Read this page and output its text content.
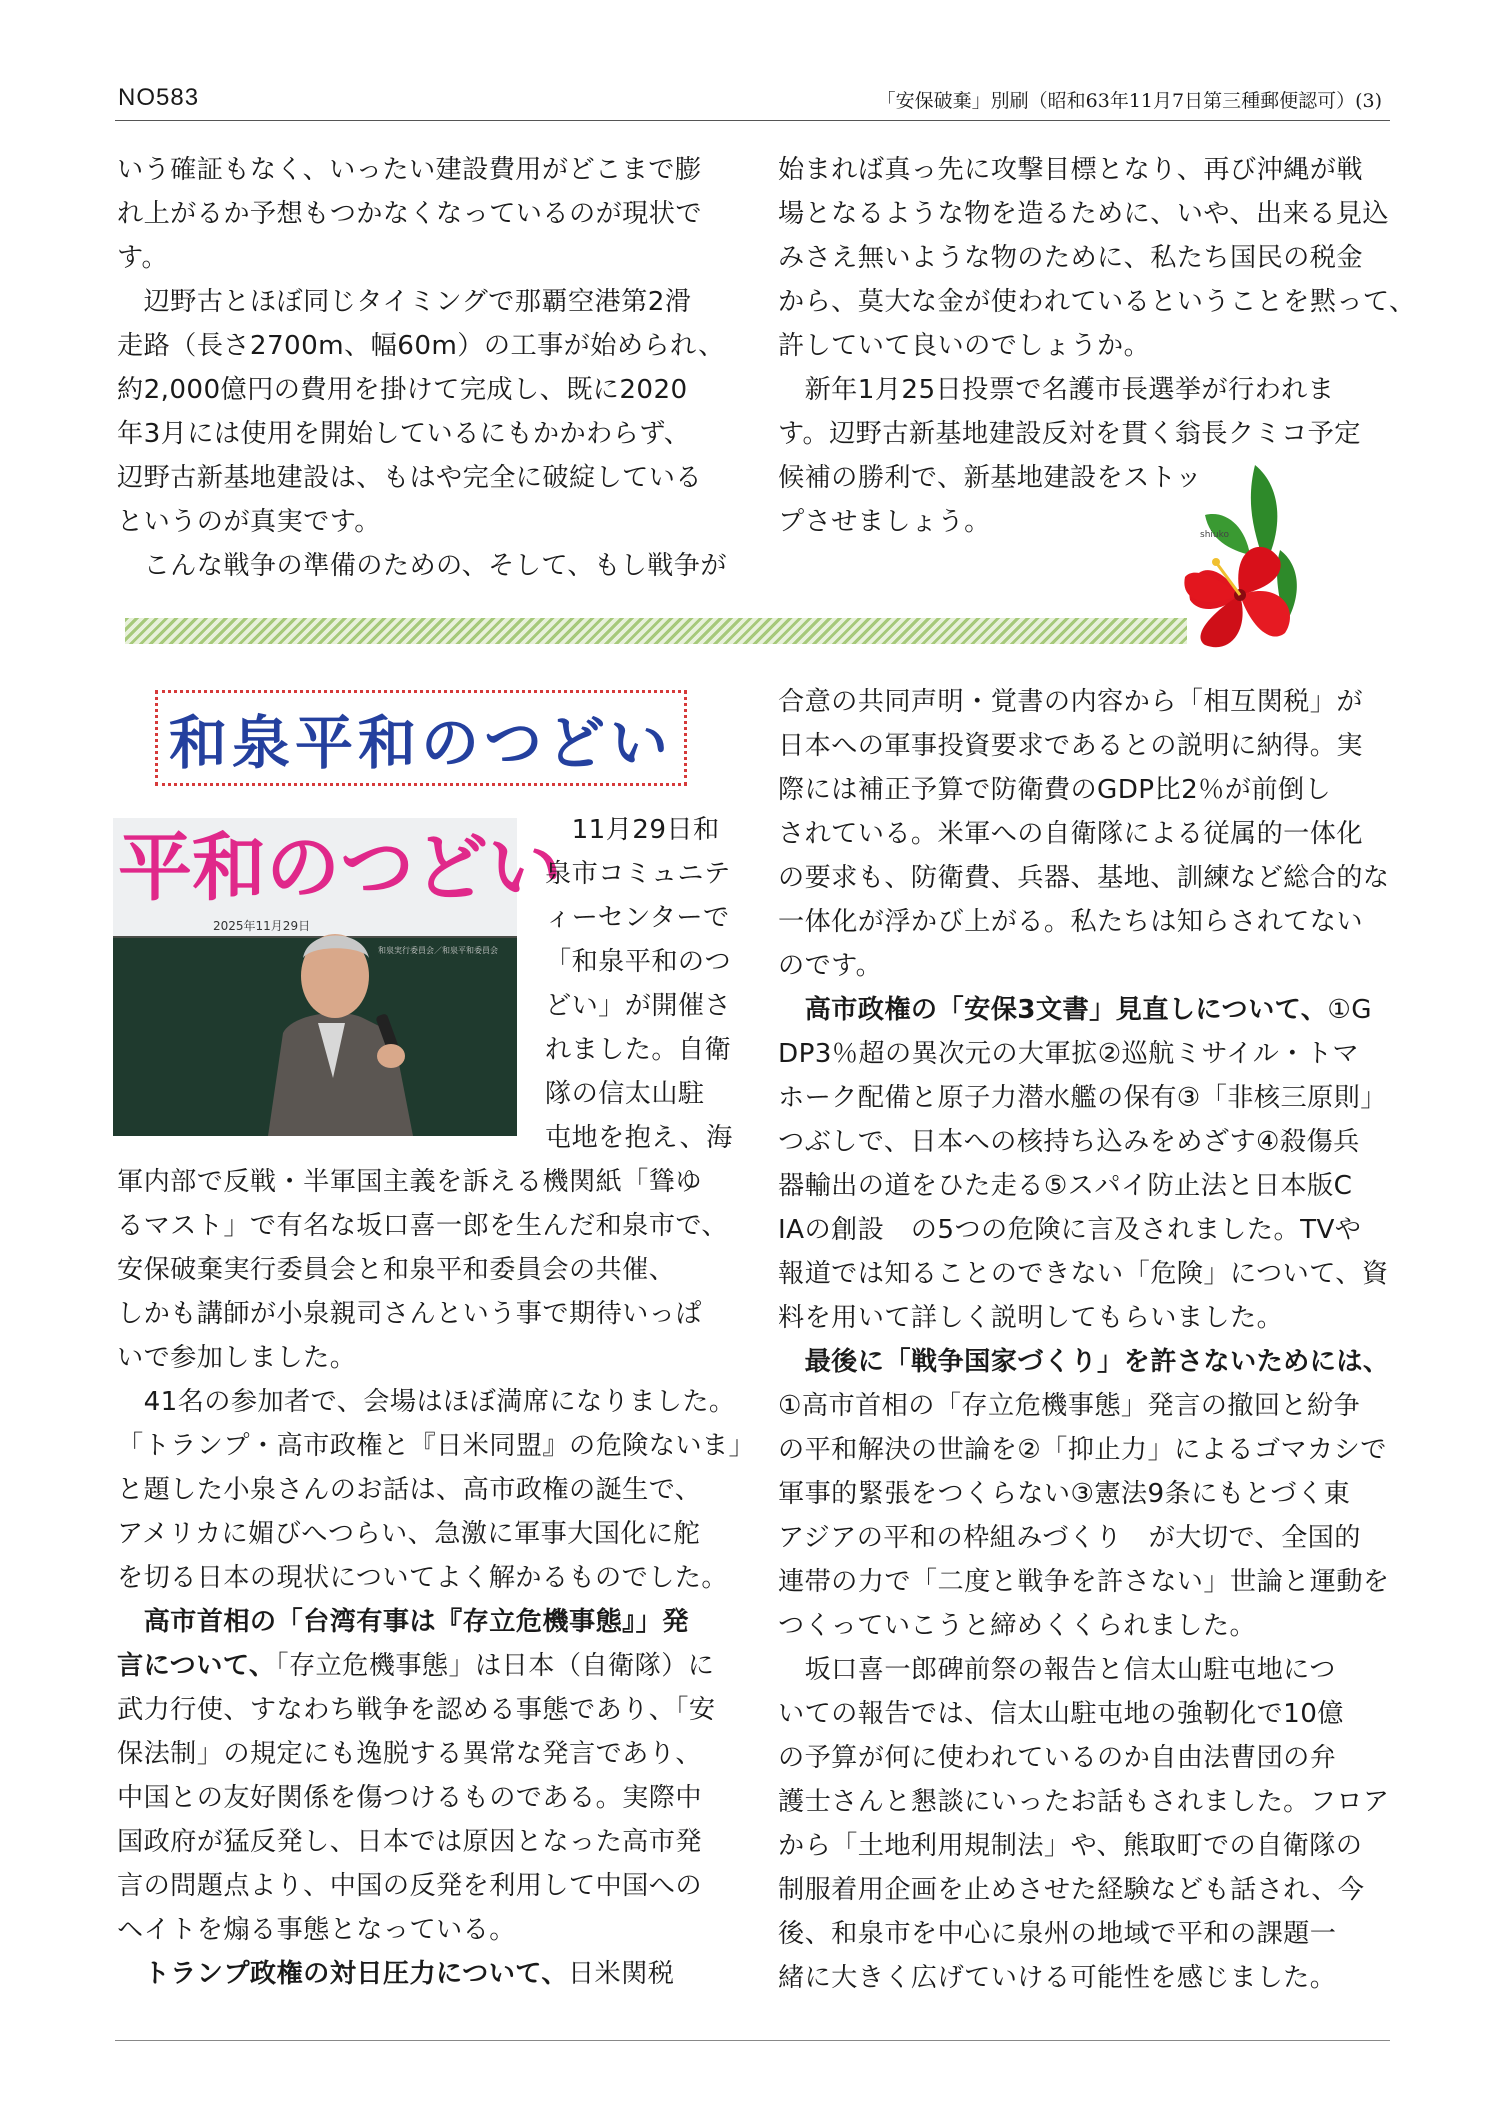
NO583	「安保破棄」別刷（昭和63年11月7日第三種郵便認可）(3)

いう確証もなく、いったい建設費用がどこまで膨

れ上がるか予想もつかなくなっているのが現状で

す。

　辺野古とほぼ同じタイミングで那覇空港第2滑

走路（長さ2700m、幅60m）の工事が始められ、

約2,000億円の費用を掛けて完成し、既に2020

年3月には使用を開始しているにもかかわらず、

辺野古新基地建設は、もはや完全に破綻している

というのが真実です。

　こんな戦争の準備のための、そして、もし戦争が

始まれば真っ先に攻撃目標となり、再び沖縄が戦

場となるような物を造るために、いや、出来る見込

みさえ無いような物のために、私たち国民の税金

から、莫大な金が使われているということを黙って、

許していて良いのでしょうか。

　新年1月25日投票で名護市長選挙が行われま

す。辺野古新基地建設反対を貫く翁長クミコ予定

候補の勝利で、新基地建設をストッ

プさせましょう。	shiuko
和泉平和のつどい
平和のつどい
2025年11月29日
和泉実行委員会／和泉平和委員会

　11月29日和

泉市コミュニテ

ィーセンターで

「和泉平和のつ

どい」が開催さ

れました。自衛

隊の信太山駐

屯地を抱え、海

軍内部で反戦・半軍国主義を訴える機関紙「聳ゆ

るマスト」で有名な坂口喜一郎を生んだ和泉市で、

安保破棄実行委員会と和泉平和委員会の共催、

しかも講師が小泉親司さんという事で期待いっぱ

いで参加しました。

　41名の参加者で、会場はほぼ満席になりました。

「トランプ・高市政権と『日米同盟』の危険ないま」

と題した小泉さんのお話は、高市政権の誕生で、

アメリカに媚びへつらい、急激に軍事大国化に舵

を切る日本の現状についてよく解かるものでした。

　高市首相の「台湾有事は『存立危機事態』」発

言について、「存立危機事態」は日本（自衛隊）に

武力行使、すなわち戦争を認める事態であり、「安

保法制」の規定にも逸脱する異常な発言であり、

中国との友好関係を傷つけるものである。実際中

国政府が猛反発し、日本では原因となった高市発

言の問題点より、中国の反発を利用して中国への

ヘイトを煽る事態となっている。

　トランプ政権の対日圧力について、日米関税

合意の共同声明・覚書の内容から「相互関税」が

日本への軍事投資要求であるとの説明に納得。実

際には補正予算で防衛費のGDP比2％が前倒し

されている。米軍への自衛隊による従属的一体化

の要求も、防衛費、兵器、基地、訓練など総合的な

一体化が浮かび上がる。私たちは知らされてない

のです。

　高市政権の「安保3文書」見直しについて、①G

DP3％超の異次元の大軍拡②巡航ミサイル・トマ

ホーク配備と原子力潜水艦の保有③「非核三原則」

つぶしで、日本への核持ち込みをめざす④殺傷兵

器輸出の道をひた走る⑤スパイ防止法と日本版C

IAの創設　の5つの危険に言及されました。TVや

報道では知ることのできない「危険」について、資

料を用いて詳しく説明してもらいました。

　最後に「戦争国家づくり」を許さないためには、

①高市首相の「存立危機事態」発言の撤回と紛争

の平和解決の世論を②「抑止力」によるゴマカシで

軍事的緊張をつくらない③憲法9条にもとづく東

アジアの平和の枠組みづくり　が大切で、全国的

連帯の力で「二度と戦争を許さない」世論と運動を

つくっていこうと締めくくられました。

　坂口喜一郎碑前祭の報告と信太山駐屯地につ

いての報告では、信太山駐屯地の強靭化で10億

の予算が何に使われているのか自由法曹団の弁

護士さんと懇談にいったお話もされました。フロア

から「土地利用規制法」や、熊取町での自衛隊の

制服着用企画を止めさせた経験なども話され、今

後、和泉市を中心に泉州の地域で平和の課題一

緒に大きく広げていける可能性を感じました。
